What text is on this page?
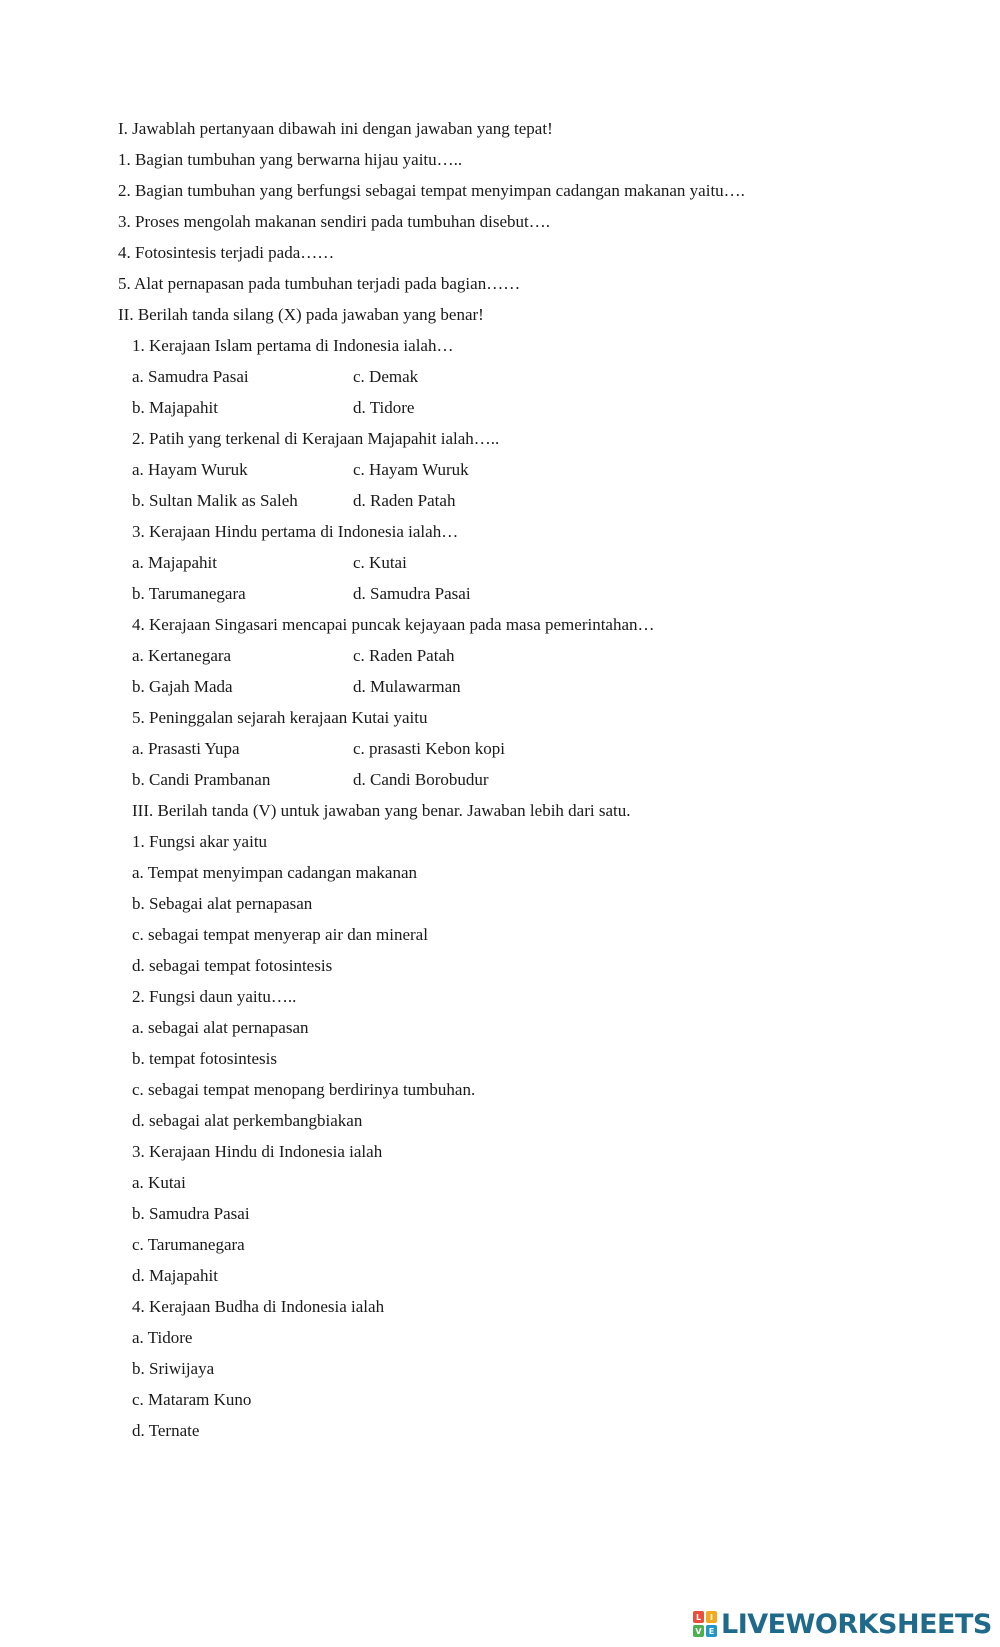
I. Jawablah pertanyaan dibawah ini dengan jawaban yang tepat!
1. Bagian tumbuhan yang berwarna hijau yaitu…..
2. Bagian tumbuhan yang berfungsi sebagai tempat menyimpan cadangan makanan yaitu….
3. Proses mengolah makanan sendiri pada tumbuhan disebut….
4. Fotosintesis terjadi pada……
5. Alat pernapasan pada tumbuhan terjadi pada bagian……
II. Berilah tanda silang (X) pada jawaban yang benar!
1. Kerajaan Islam pertama di Indonesia ialah…
a. Samudra Pasai	c. Demak
b. Majapahit	d. Tidore
2. Patih yang terkenal di Kerajaan Majapahit ialah…..
a. Hayam Wuruk	c. Hayam Wuruk
b. Sultan Malik as Saleh	d. Raden Patah
3. Kerajaan Hindu pertama di Indonesia ialah…
a. Majapahit	c. Kutai
b. Tarumanegara	d. Samudra Pasai
4. Kerajaan Singasari mencapai puncak kejayaan pada masa pemerintahan…
a. Kertanegara	c. Raden Patah
b. Gajah Mada	d. Mulawarman
5. Peninggalan sejarah kerajaan Kutai yaitu
a. Prasasti Yupa	c. prasasti Kebon kopi
b. Candi Prambanan	d. Candi Borobudur
III. Berilah tanda (V) untuk jawaban yang benar. Jawaban lebih dari satu.
1. Fungsi akar yaitu
a. Tempat menyimpan cadangan makanan
b. Sebagai alat pernapasan
c. sebagai tempat menyerap air dan mineral
d. sebagai tempat fotosintesis
2. Fungsi daun yaitu…..
a. sebagai alat pernapasan
b. tempat fotosintesis
c. sebagai tempat menopang berdirinya tumbuhan.
d. sebagai alat perkembangbiakan
3. Kerajaan Hindu di Indonesia ialah
a. Kutai
b. Samudra Pasai
c. Tarumanegara
d. Majapahit
4. Kerajaan Budha di Indonesia ialah
a. Tidore
b. Sriwijaya
c. Mataram Kuno
d. Ternate
L	I
V E LIVEWORKSHEETS
